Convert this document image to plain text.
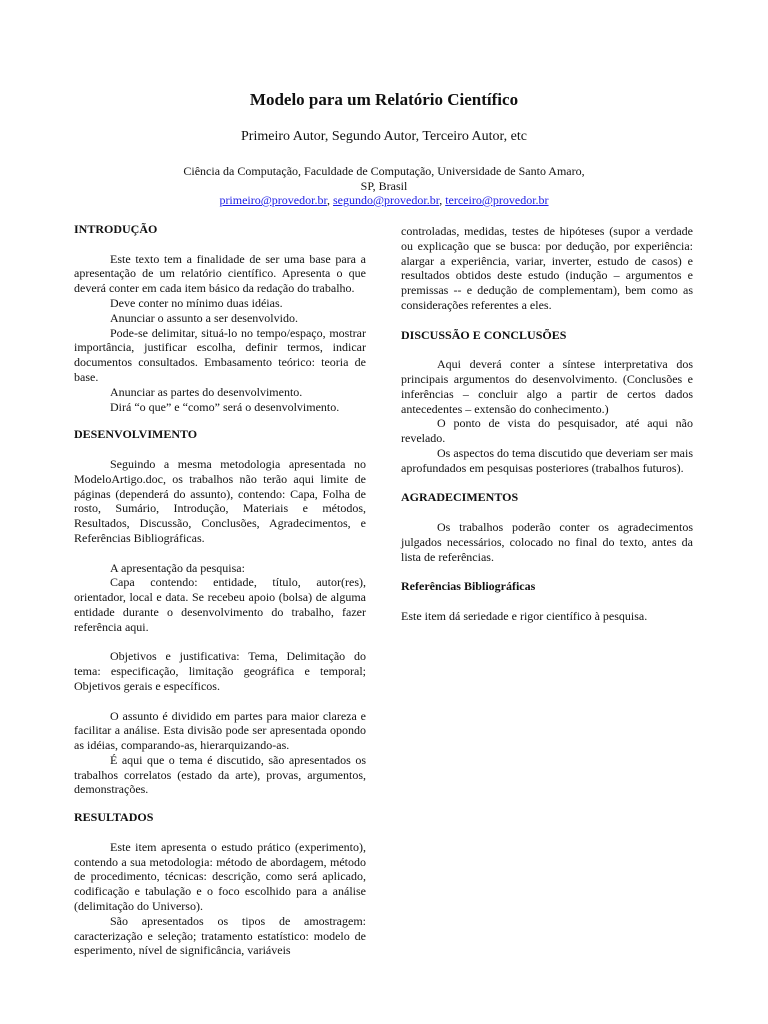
Modelo para um Relatório Científico

Primeiro Autor, Segundo Autor, Terceiro Autor, etc

Ciência da Computação, Faculdade de Computação, Universidade de Santo Amaro,
SP, Brasil
primeiro@provedor.br, segundo@provedor.br, terceiro@provedor.br
INTRODUÇÃO

Este texto tem a finalidade de ser uma base para a apresentação de um relatório científico. Apresenta o que deverá conter em cada item básico da redação do trabalho.

Deve conter no mínimo duas idéias.

Anunciar o assunto a ser desenvolvido.

Pode-se delimitar, situá-lo no tempo/espaço, mostrar importância, justificar escolha, definir termos, indicar documentos consultados. Embasamento teórico: teoria de base.

Anunciar as partes do desenvolvimento.

Dirá “o que” e “como” será o desenvolvimento.

DESENVOLVIMENTO

Seguindo a mesma metodologia apresentada no ModeloArtigo.doc, os trabalhos não terão aqui limite de páginas (dependerá do assunto), contendo: Capa, Folha de rosto, Sumário, Introdução, Materiais e métodos, Resultados, Discussão, Conclusões, Agradecimentos, e Referências Bibliográficas.

A apresentação da pesquisa:

Capa contendo: entidade, título, autor(res), orientador, local e data. Se recebeu apoio (bolsa) de alguma entidade durante o desenvolvimento do trabalho, fazer referência aqui.

Objetivos e justificativa: Tema, Delimitação do tema: especificação, limitação geográfica e temporal; Objetivos gerais e específicos.

O assunto é dividido em partes para maior clareza e facilitar a análise. Esta divisão pode ser apresentada opondo as idéias, comparando-as, hierarquizando-as.

É aqui que o tema é discutido, são apresentados os trabalhos correlatos (estado da arte), provas, argumentos, demonstrações.

RESULTADOS

Este item apresenta o estudo prático (experimento), contendo a sua metodologia: método de abordagem, método de procedimento, técnicas: descrição, como será aplicado, codificação e tabulação e o foco escolhido para a análise (delimitação do Universo).

São apresentados os tipos de amostragem: caracterização e seleção; tratamento estatístico: modelo de esperimento, nível de significância, variáveis

controladas, medidas, testes de hipóteses (supor a verdade ou explicação que se busca: por dedução, por experiência: alargar a experiência, variar, inverter, estudo de casos) e resultados obtidos deste estudo (indução – argumentos e premissas -- e dedução de complementam), bem como as considerações referentes a eles.

DISCUSSÃO E CONCLUSÕES

Aqui deverá conter a síntese interpretativa dos principais argumentos do desenvolvimento. (Conclusões e inferências – concluir algo a partir de certos dados antecedentes – extensão do conhecimento.)

O ponto de vista do pesquisador, até aqui não revelado.

Os aspectos do tema discutido que deveriam ser mais aprofundados em pesquisas posteriores (trabalhos futuros).

AGRADECIMENTOS

Os trabalhos poderão conter os agradecimentos julgados necessários, colocado no final do texto, antes da lista de referências.

Referências Bibliográficas

Este item dá seriedade e rigor científico à pesquisa.
